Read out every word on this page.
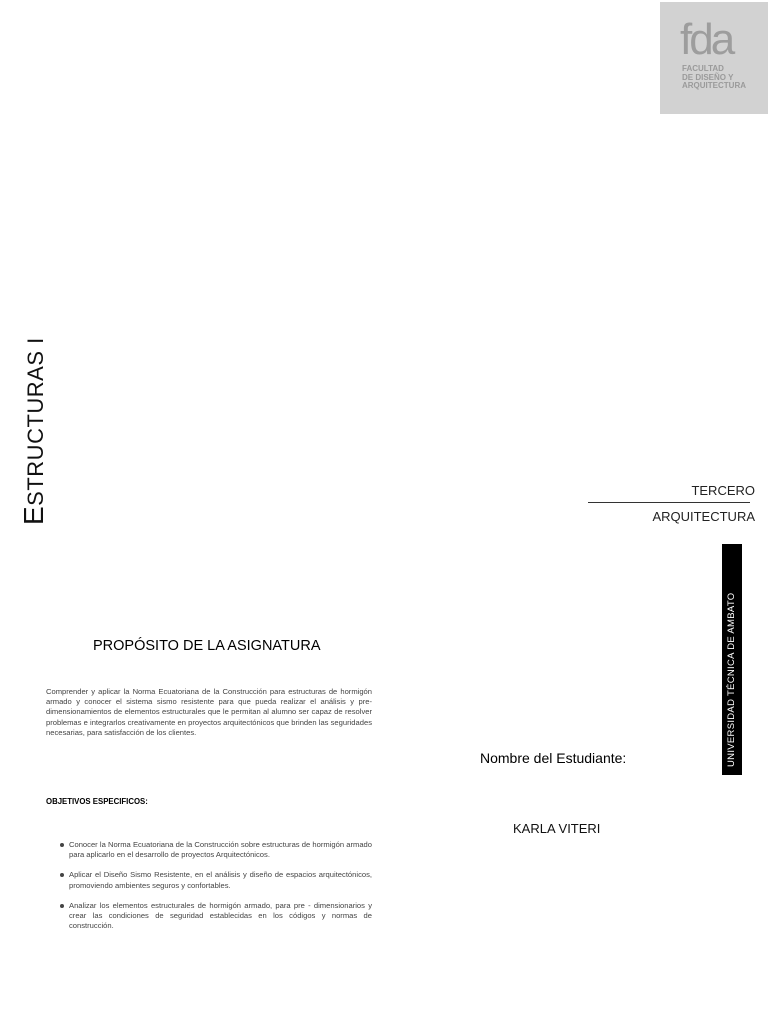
fda
FACULTAD
DE DISEÑO Y
ARQUITECTURA
ESTRUCTURAS I	TERCERO
ARQUITECTURA
UNIVERSIDAD TÉCNICA DE AMBATO
PROPÓSITO DE LA ASIGNATURA
Comprender y aplicar la Norma Ecuatoriana de la Construcción para estructuras de hormigón armado y conocer el sistema sismo resistente para que pueda realizar el análisis y pre-dimensionamientos de elementos estructurales que le permitan al alumno ser capaz de resolver problemas e integrarlos creativamente en proyectos arquitectónicos que brinden las seguridades necesarias, para satisfacción de los clientes.
OBJETIVOS ESPECIFICOS:
Conocer la Norma Ecuatoriana de la Construcción sobre estructuras de hormigón armado para aplicarlo en el desarrollo de proyectos Arquitectónicos.
Aplicar el Diseño Sismo Resistente, en el análisis y diseño de espacios arquitectónicos, promoviendo ambientes seguros y confortables.
Analizar los elementos estructurales de hormigón armado, para pre - dimensionarios y crear las condiciones de seguridad establecidas en los códigos y normas de construcción.
Nombre del Estudiante:
KARLA VITERI
